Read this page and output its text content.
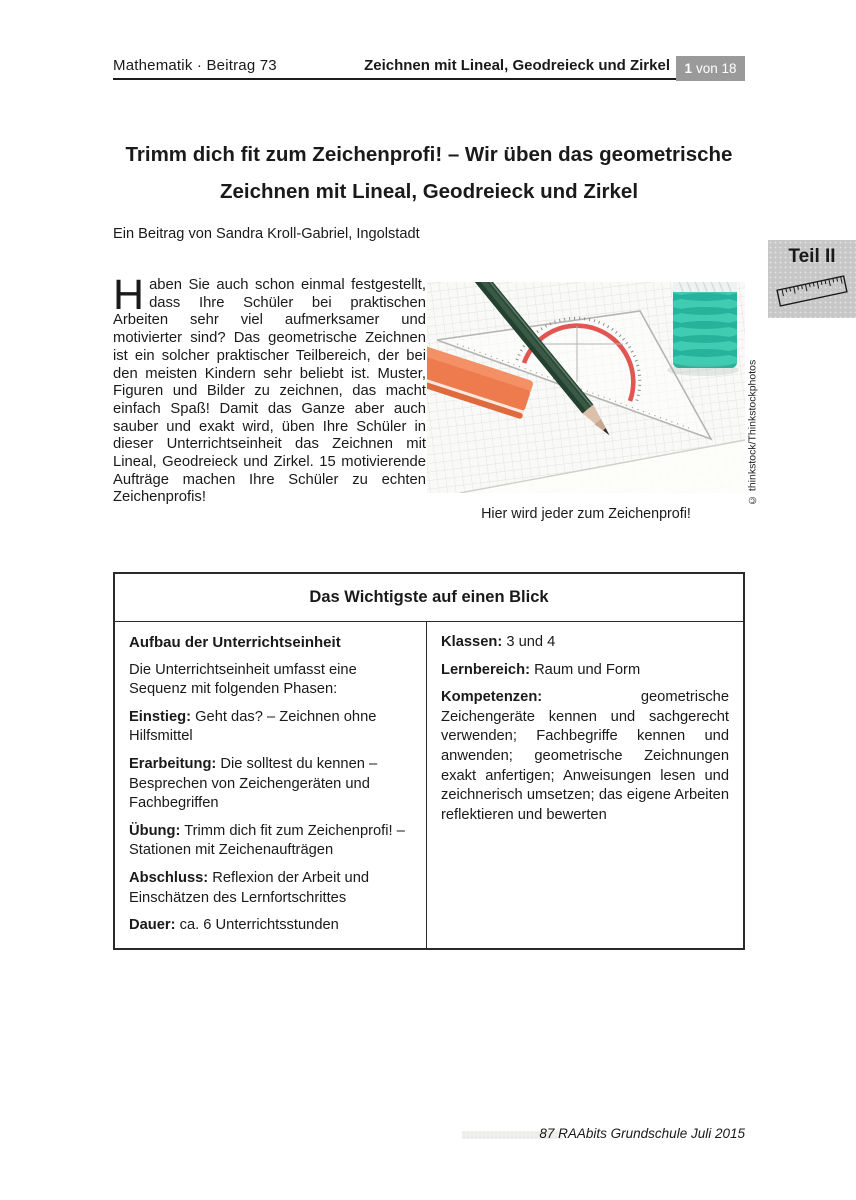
Mathematik · Beitrag 73	Zeichnen mit Lineal, Geodreieck und Zirkel 1 von 18
Trimm dich fit zum Zeichenprofi! – Wir üben das geometrische
Zeichnen mit Lineal, Geodreieck und Zirkel
Ein Beitrag von Sandra Kroll-Gabriel, Ingolstadt
Teil II
Haben Sie auch schon einmal festgestellt, dass Ihre Schüler bei praktischen Arbeiten sehr viel aufmerksamer und motivierter sind? Das geometrische Zeichnen ist ein solcher praktischer Teilbereich, der bei den meisten Kindern sehr beliebt ist. Muster, Figuren und Bilder zu zeichnen, das macht einfach Spaß! Damit das Ganze aber auch sauber und exakt wird, üben Ihre Schüler in dieser Unterrichtseinheit das Zeichnen mit Lineal, Geodreieck und Zirkel. 15 motivierende Aufträge machen Ihre Schüler zu echten Zeichenprofis!	© thinkstock/Thinkstockphotos
Hier wird jeder zum Zeichenprofi!
Das Wichtigste auf einen Blick

Aufbau der Unterrichtseinheit

Die Unterrichtseinheit umfasst eine Sequenz mit folgenden Phasen:

Einstieg: Geht das? – Zeichnen ohne Hilfsmittel

Erarbeitung: Die solltest du kennen – Besprechen von Zeichengeräten und Fachbegriffen

Übung: Trimm dich fit zum Zeichenprofi! – Stationen mit Zeichenaufträgen

Abschluss: Reflexion der Arbeit und Einschätzen des Lernfortschrittes

Dauer: ca. 6 Unterrichtsstunden

Klassen: 3 und 4

Lernbereich: Raum und Form

Kompetenzen:	geometrische Zeichengeräte kennen und sachgerecht verwenden; Fachbegriffe kennen und anwenden; geometrische Zeichnungen exakt anfertigen; Anweisungen lesen und zeichnerisch umsetzen; das eigene Arbeiten reflektieren und bewerten

87 RAAbits Grundschule Juli 2015
